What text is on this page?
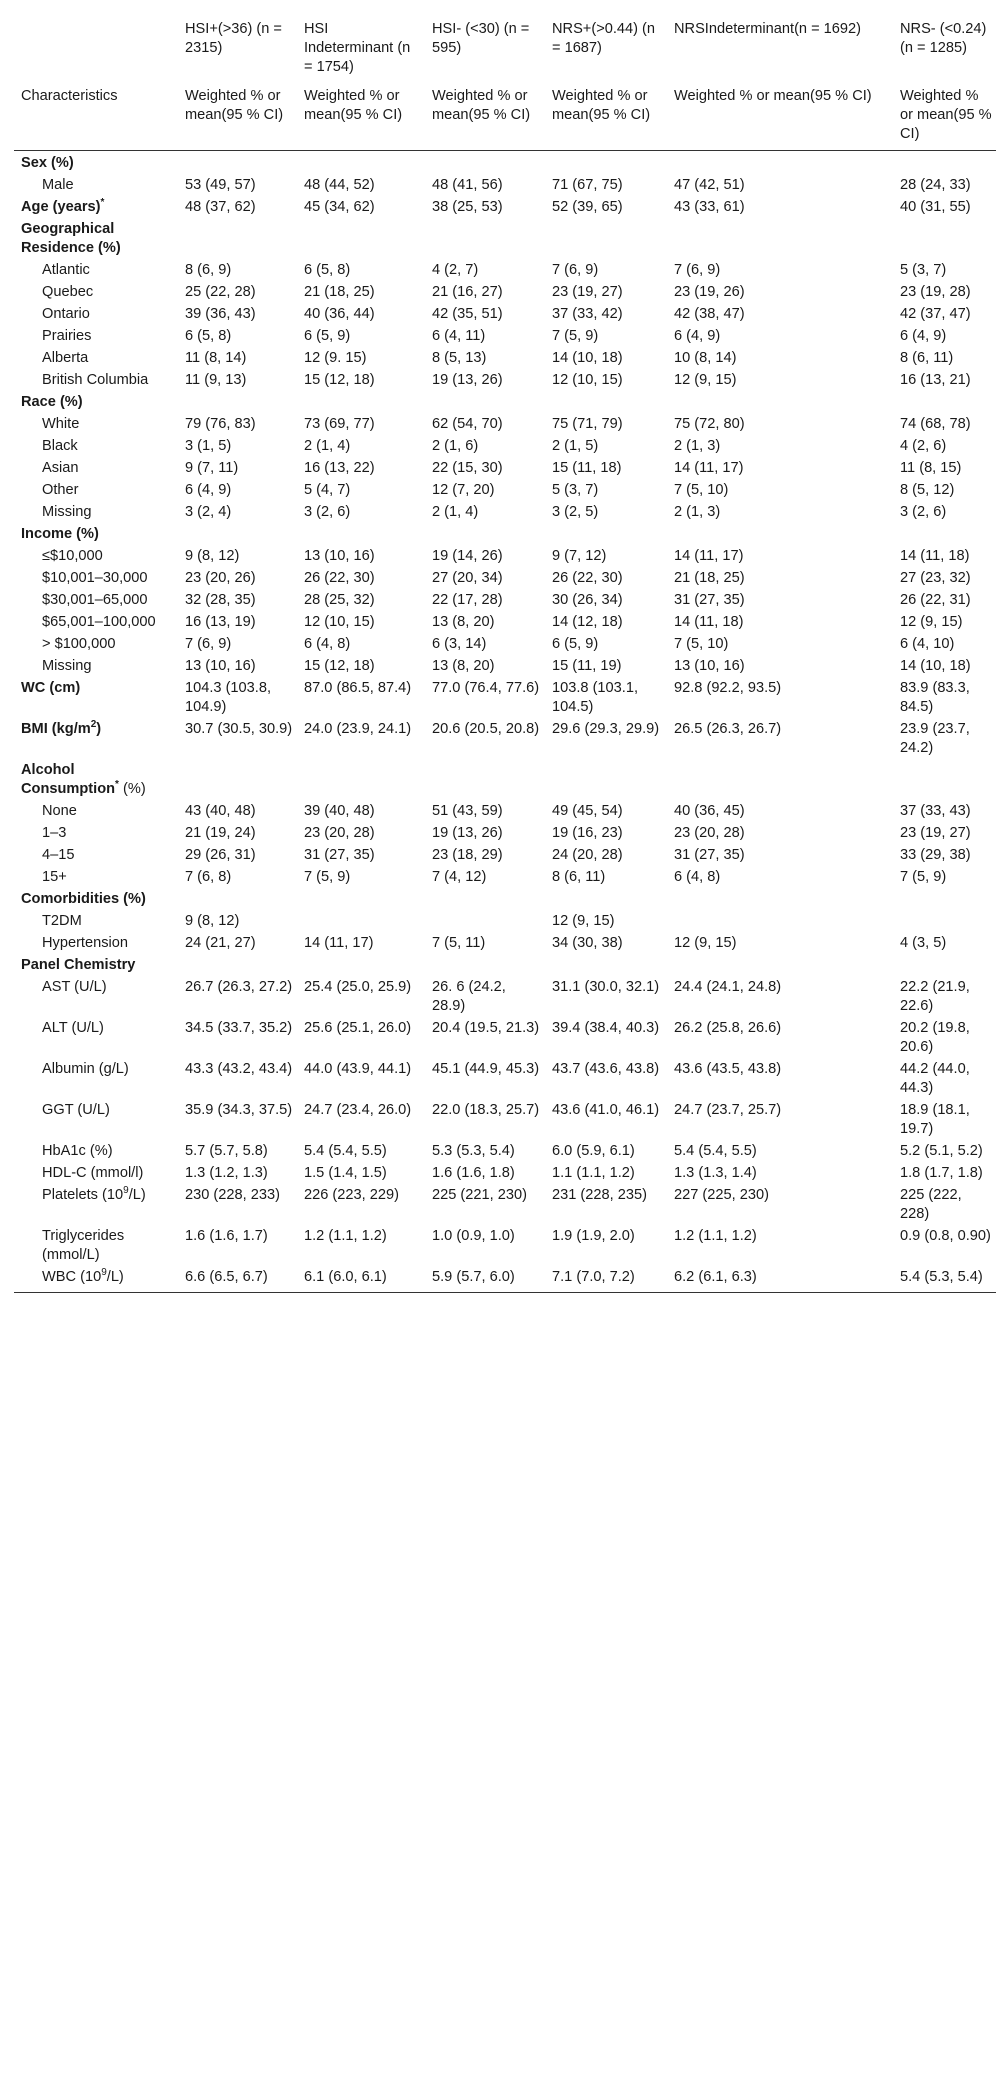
	HSI+(>36) (n = 2315)	HSI Indeterminant (n = 1754)	HSI- (<30) (n = 595)	NRS+(>0.44) (n = 1687)	NRSIndeterminant(n = 1692)	NRS- (<0.24) (n = 1285)
Characteristics	Weighted % or mean(95 % CI)	Weighted % or mean(95 % CI)	Weighted % or mean(95 % CI)	Weighted % or mean(95 % CI)	Weighted % or mean(95 % CI)	Weighted % or mean(95 % CI)
Sex (%)						
Male	53 (49, 57)	48 (44, 52)	48 (41, 56)	71 (67, 75)	47 (42, 51)	28 (24, 33)
Age (years)*	48 (37, 62)	45 (34, 62)	38 (25, 53)	52 (39, 65)	43 (33, 61)	40 (31, 55)
Geographical Residence (%)						
Atlantic	8 (6, 9)	6 (5, 8)	4 (2, 7)	7 (6, 9)	7 (6, 9)	5 (3, 7)
Quebec	25 (22, 28)	21 (18, 25)	21 (16, 27)	23 (19, 27)	23 (19, 26)	23 (19, 28)
Ontario	39 (36, 43)	40 (36, 44)	42 (35, 51)	37 (33, 42)	42 (38, 47)	42 (37, 47)
Prairies	6 (5, 8)	6 (5, 9)	6 (4, 11)	7 (5, 9)	6 (4, 9)	6 (4, 9)
Alberta	11 (8, 14)	12 (9. 15)	8 (5, 13)	14 (10, 18)	10 (8, 14)	8 (6, 11)
British Columbia	11 (9, 13)	15 (12, 18)	19 (13, 26)	12 (10, 15)	12 (9, 15)	16 (13, 21)
Race (%)						
White	79 (76, 83)	73 (69, 77)	62 (54, 70)	75 (71, 79)	75 (72, 80)	74 (68, 78)
Black	3 (1, 5)	2 (1, 4)	2 (1, 6)	2 (1, 5)	2 (1, 3)	4 (2, 6)
Asian	9 (7, 11)	16 (13, 22)	22 (15, 30)	15 (11, 18)	14 (11, 17)	11 (8, 15)
Other	6 (4, 9)	5 (4, 7)	12 (7, 20)	5 (3, 7)	7 (5, 10)	8 (5, 12)
Missing	3 (2, 4)	3 (2, 6)	2 (1, 4)	3 (2, 5)	2 (1, 3)	3 (2, 6)
Income (%)						
≤$10,000	9 (8, 12)	13 (10, 16)	19 (14, 26)	9 (7, 12)	14 (11, 17)	14 (11, 18)
$10,001–30,000	23 (20, 26)	26 (22, 30)	27 (20, 34)	26 (22, 30)	21 (18, 25)	27 (23, 32)
$30,001–65,000	32 (28, 35)	28 (25, 32)	22 (17, 28)	30 (26, 34)	31 (27, 35)	26 (22, 31)
$65,001–100,000	16 (13, 19)	12 (10, 15)	13 (8, 20)	14 (12, 18)	14 (11, 18)	12 (9, 15)
> $100,000	7 (6, 9)	6 (4, 8)	6 (3, 14)	6 (5, 9)	7 (5, 10)	6 (4, 10)
Missing	13 (10, 16)	15 (12, 18)	13 (8, 20)	15 (11, 19)	13 (10, 16)	14 (10, 18)
WC (cm)	104.3 (103.8, 104.9)	87.0 (86.5, 87.4)	77.0 (76.4, 77.6)	103.8 (103.1, 104.5)	92.8 (92.2, 93.5)	83.9 (83.3, 84.5)
BMI $(kg/m^2)$	30.7 (30.5, 30.9)	24.0 (23.9, 24.1)	20.6 (20.5, 20.8)	29.6 (29.3, 29.9)	26.5 (26.3, 26.7)	23.9 (23.7, 24.2)
Alcohol Consumption* (%)						
None	43 (40, 48)	39 (40, 48)	51 (43, 59)	49 (45, 54)	40 (36, 45)	37 (33, 43)
1–3	21 (19, 24)	23 (20, 28)	19 (13, 26)	19 (16, 23)	23 (20, 28)	23 (19, 27)
4–15	29 (26, 31)	31 (27, 35)	23 (18, 29)	24 (20, 28)	31 (27, 35)	33 (29, 38)
15+	7 (6, 8)	7 (5, 9)	7 (4, 12)	8 (6, 11)	6 (4, 8)	7 (5, 9)
Comorbidities (%)						
T2DM	9 (8, 12)			12 (9, 15)		
Hypertension	24 (21, 27)	14 (11, 17)	7 (5, 11)	34 (30, 38)	12 (9, 15)	4 (3, 5)
Panel Chemistry						
AST (U/L)	26.7 (26.3, 27.2)	25.4 (25.0, 25.9)	26. 6 (24.2, 28.9)	31.1 (30.0, 32.1)	24.4 (24.1, 24.8)	22.2 (21.9, 22.6)
ALT (U/L)	34.5 (33.7, 35.2)	25.6 (25.1, 26.0)	20.4 (19.5, 21.3)	39.4 (38.4, 40.3)	26.2 (25.8, 26.6)	20.2 (19.8, 20.6)
Albumin (g/L)	43.3 (43.2, 43.4)	44.0 (43.9, 44.1)	45.1 (44.9, 45.3)	43.7 (43.6, 43.8)	43.6 (43.5, 43.8)	44.2 (44.0, 44.3)
GGT (U/L)	35.9 (34.3, 37.5)	24.7 (23.4, 26.0)	22.0 (18.3, 25.7)	43.6 (41.0, 46.1)	24.7 (23.7, 25.7)	18.9 (18.1, 19.7)
HbA1c (%)	5.7 (5.7, 5.8)	5.4 (5.4, 5.5)	5.3 (5.3, 5.4)	6.0 (5.9, 6.1)	5.4 (5.4, 5.5)	5.2 (5.1, 5.2)
HDL-C (mmol/l)	1.3 (1.2, 1.3)	1.5 (1.4, 1.5)	1.6 (1.6, 1.8)	1.1 (1.1, 1.2)	1.3 (1.3, 1.4)	1.8 (1.7, 1.8)
Platelets $(10^9/L)$	230 (228, 233)	226 (223, 229)	225 (221, 230)	231 (228, 235)	227 (225, 230)	225 (222, 228)
Triglycerides (mmol/L)	1.6 (1.6, 1.7)	1.2 (1.1, 1.2)	1.0 (0.9, 1.0)	1.9 (1.9, 2.0)	1.2 (1.1, 1.2)	0.9 (0.8, 0.90)
WBC $(10^9/L)$	6.6 (6.5, 6.7)	6.1 (6.0, 6.1)	5.9 (5.7, 6.0)	7.1 (7.0, 7.2)	6.2 (6.1, 6.3)	5.4 (5.3, 5.4)
